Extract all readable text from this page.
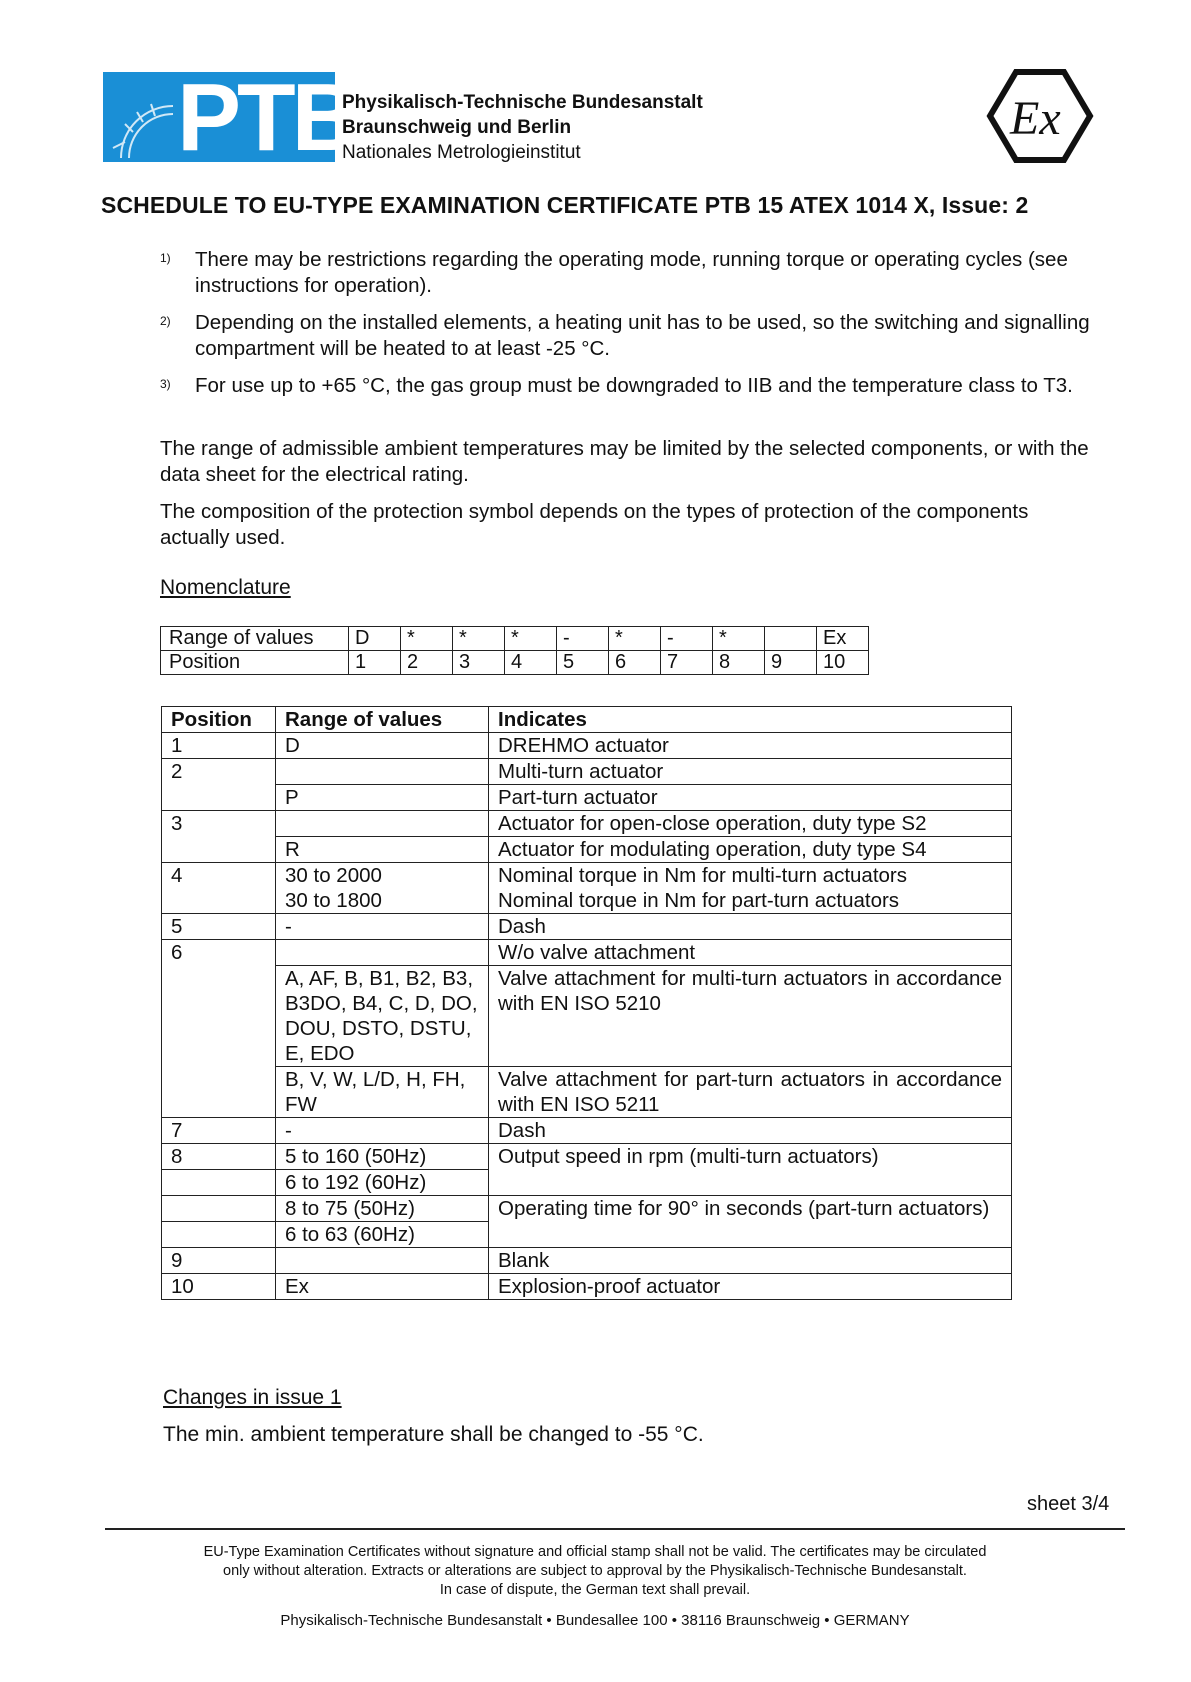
PTB
Physikalisch-Technische Bundesanstalt
Braunschweig und Berlin
Nationales Metrologieinstitut
Ex
SCHEDULE TO EU-TYPE EXAMINATION CERTIFICATE PTB 15 ATEX 1014 X, Issue: 2
1) There may be restrictions regarding the operating mode, running torque or operating cycles (see instructions for operation).
2) Depending on the installed elements, a heating unit has to be used, so the switching and signalling compartment will be heated to at least -25 °C.
3) For use up to +65 °C, the gas group must be downgraded to IIB and the temperature class to T3.
The range of admissible ambient temperatures may be limited by the selected components, or with the data sheet for the electrical rating.
The composition of the protection symbol depends on the types of protection of the components actually used.
Nomenclature
Range of values	D	*	*	*	-	*	-	*		Ex
Position	1	2	3	4	5	6	7	8	9	10
Position	Range of values	Indicates
1	D	DREHMO actuator
2		Multi-turn actuator
	P	Part-turn actuator
3		Actuator for open-close operation, duty type S2
	R	Actuator for modulating operation, duty type S4
4	30 to 2000	Nominal torque in Nm for multi-turn actuators
	30 to 1800	Nominal torque in Nm for part-turn actuators
5	-	Dash
6		W/o valve attachment
	A, AF, B, B1, B2, B3, B3DO, B4, C, D, DO, DOU, DSTO, DSTU, E, EDO	Valve attachment for multi-turn actuators in accordance with EN ISO 5210
	B, V, W, L/D, H, FH, FW	Valve attachment for part-turn actuators in accordance with EN ISO 5211
7	-	Dash
8	5 to 160 (50Hz)	Output speed in rpm (multi-turn actuators)
	6 to 192 (60Hz)	
	8 to 75 (50Hz)	Operating time for 90° in seconds (part-turn actuators)
	6 to 63 (60Hz)	
9		Blank
10	Ex	Explosion-proof actuator
Changes in issue 1
The min. ambient temperature shall be changed to -55 °C.
sheet 3/4
EU-Type Examination Certificates without signature and official stamp shall not be valid. The certificates may be circulated
only without alteration. Extracts or alterations are subject to approval by the Physikalisch-Technische Bundesanstalt.
In case of dispute, the German text shall prevail.
Physikalisch-Technische Bundesanstalt • Bundesallee 100 • 38116 Braunschweig • GERMANY
